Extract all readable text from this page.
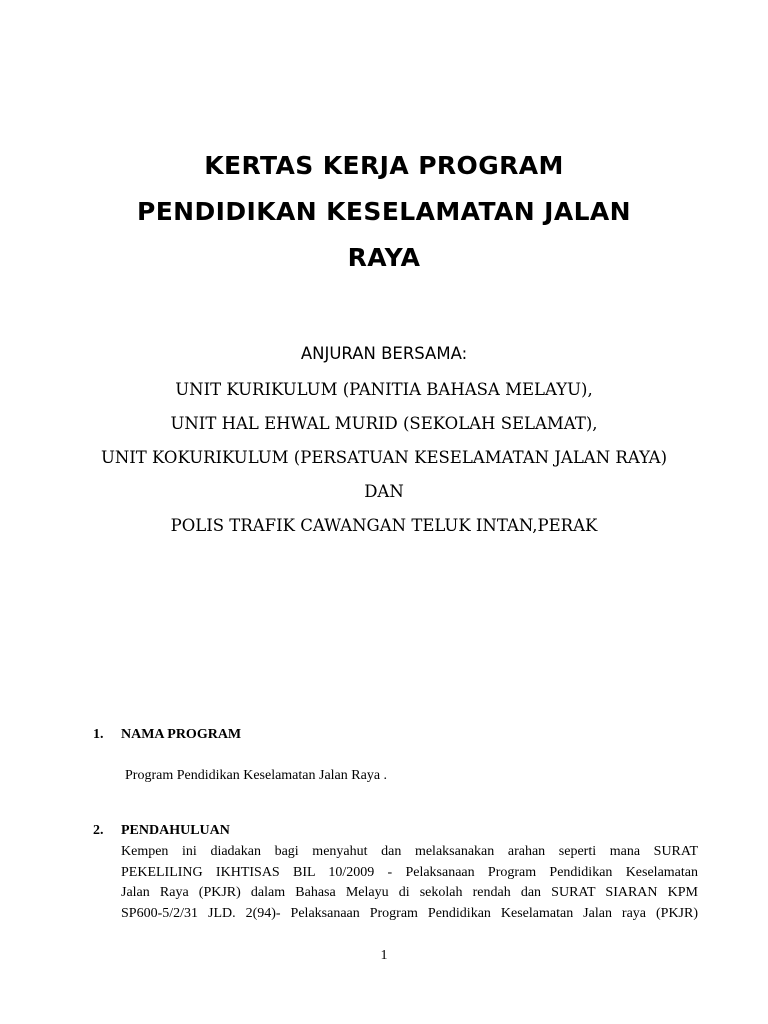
KERTAS KERJA PROGRAM
PENDIDIKAN KESELAMATAN JALAN
RAYA
ANJURAN BERSAMA:
UNIT KURIKULUM (PANITIA BAHASA MELAYU),
UNIT HAL EHWAL MURID (SEKOLAH SELAMAT),
UNIT KOKURIKULUM (PERSATUAN KESELAMATAN JALAN RAYA)
DAN
POLIS TRAFIK CAWANGAN TELUK INTAN,PERAK
1. NAMA PROGRAM
Program Pendidikan Keselamatan Jalan Raya .
2. PENDAHULUAN
Kempen ini diadakan bagi menyahut dan melaksanakan arahan seperti mana SURAT
PEKELILING IKHTISAS BIL 10/2009 - Pelaksanaan Program Pendidikan Keselamatan
Jalan Raya (PKJR) dalam Bahasa Melayu di sekolah rendah dan SURAT SIARAN KPM
SP600-5/2/31 JLD. 2(94)- Pelaksanaan Program Pendidikan Keselamatan Jalan raya (PKJR)
1
